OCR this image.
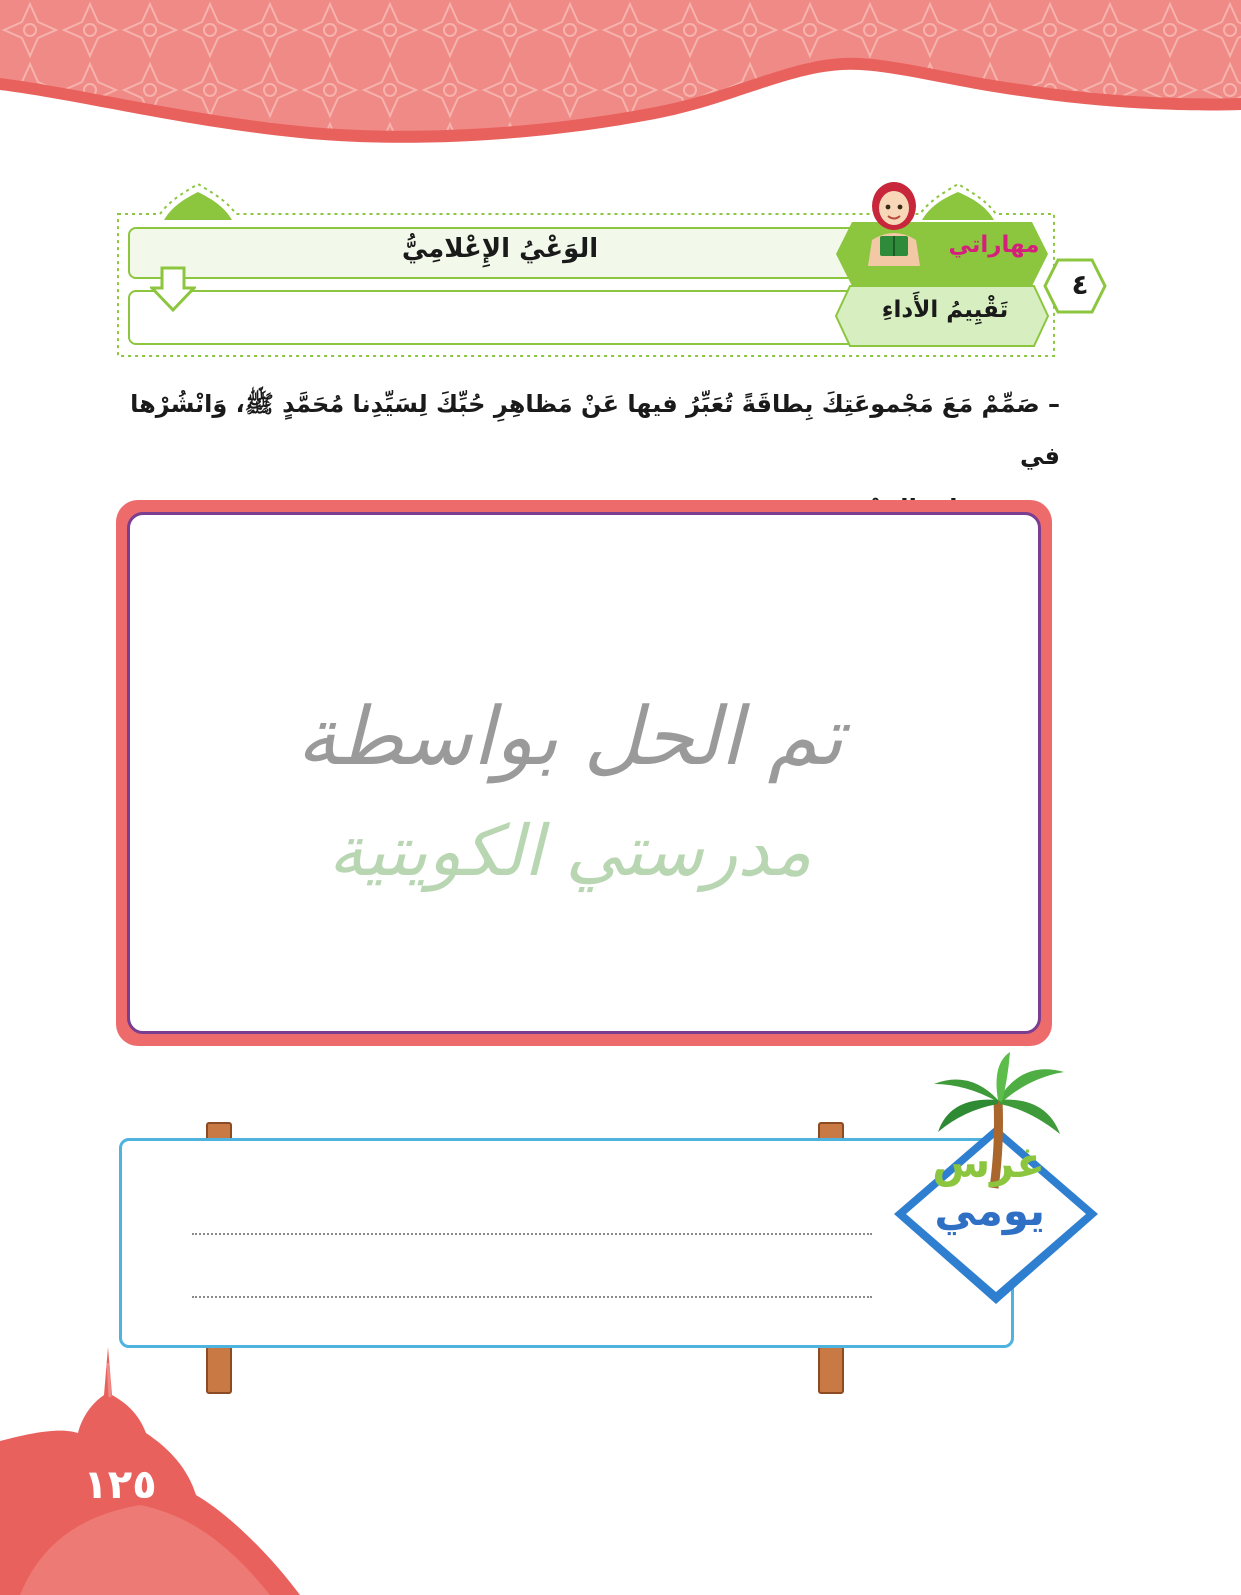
الوَعْيُ الإِعْلامِيُّ	مهاراتي
تَقْيِيمُ الأَداءِ
٤
– صَمِّمْ مَعَ مَجْموعَتِكَ بِطاقَةً تُعَبِّرُ فيها عَنْ مَظاهِرِ حُبِّكَ لِسَيِّدِنا مُحَمَّدٍ ﷺ، وَانْشُرْها في
تم الحل بواسطة
مدرستي الكويتية
غرس
يومي
١٢٥
